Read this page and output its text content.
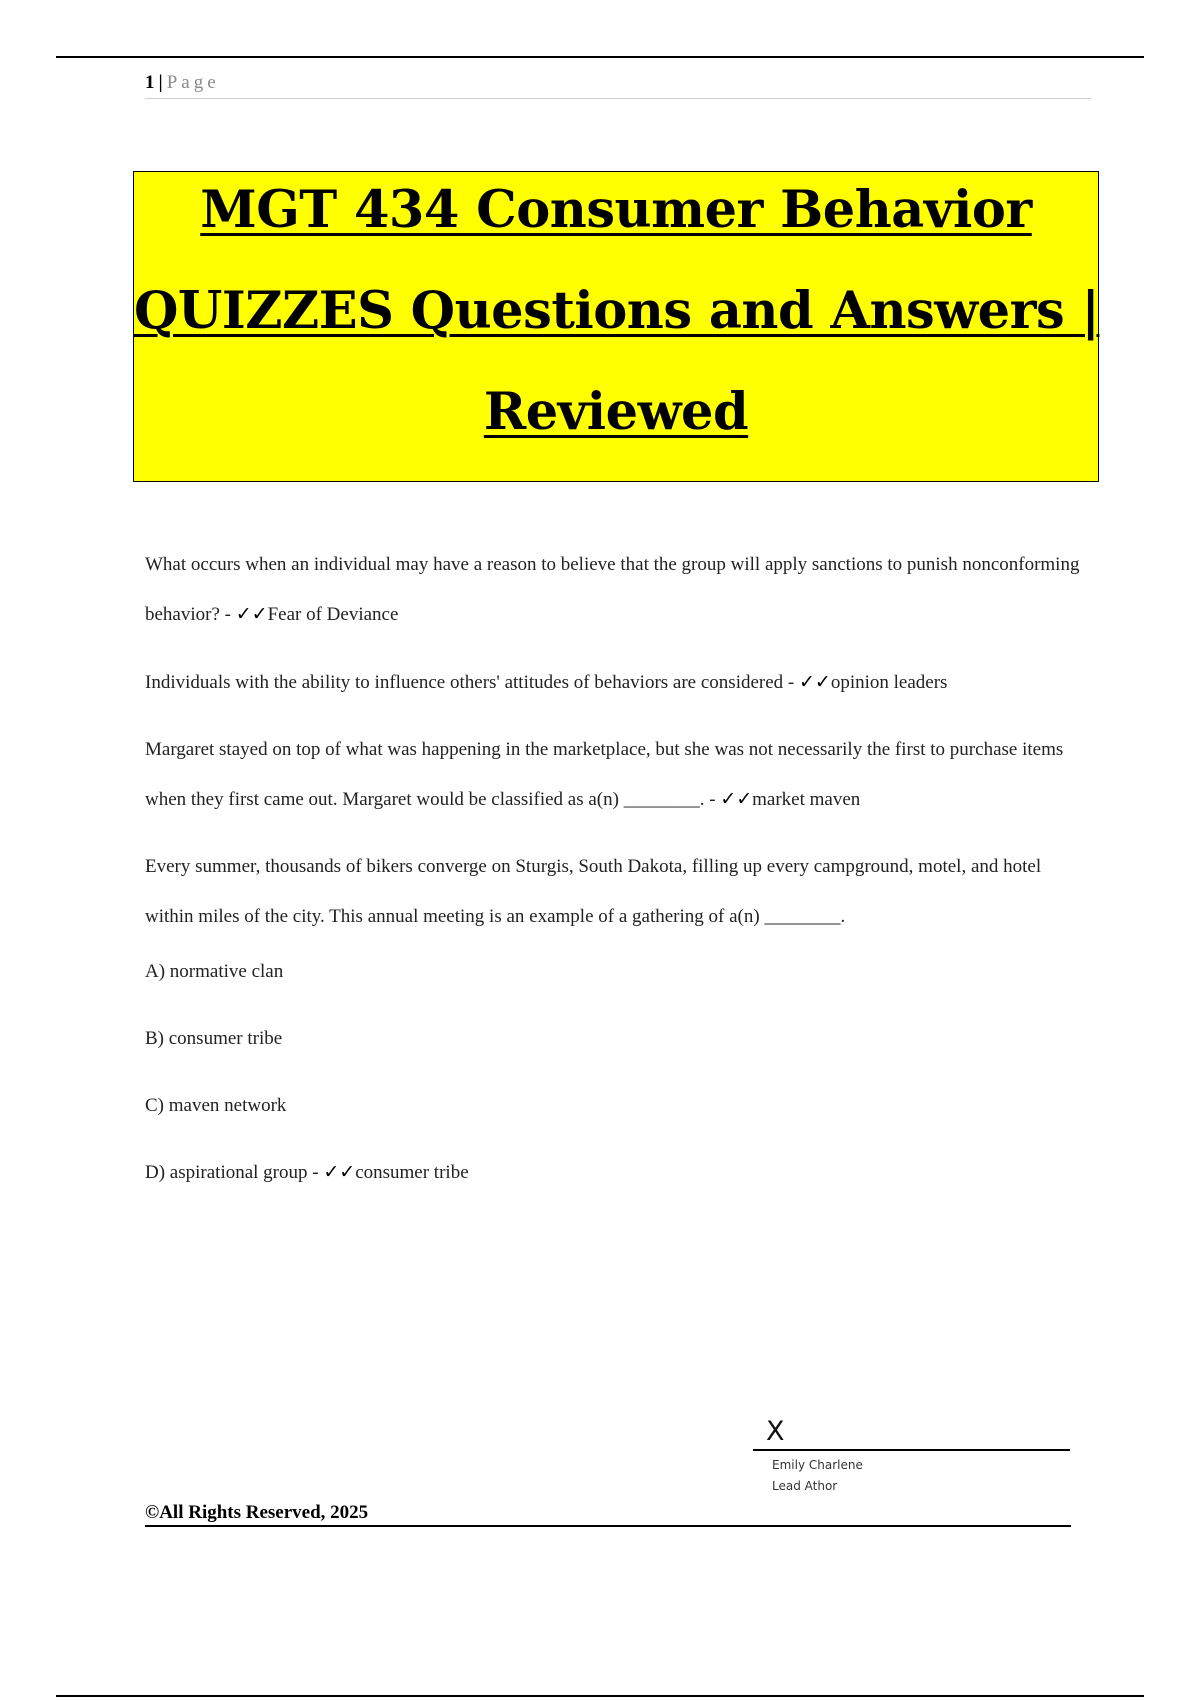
1 | Page
MGT 434 Consumer Behavior
QUIZZES Questions and Answers |
Reviewed

What occurs when an individual may have a reason to believe that the group will apply sanctions to punish nonconforming behavior? - ✓✓Fear of Deviance

Individuals with the ability to influence others' attitudes of behaviors are considered - ✓✓opinion leaders

Margaret stayed on top of what was happening in the marketplace, but she was not necessarily the first to purchase items when they first came out. Margaret would be classified as a(n) ________. - ✓✓market maven

Every summer, thousands of bikers converge on Sturgis, South Dakota, filling up every campground, motel, and hotel within miles of the city. This annual meeting is an example of a gathering of a(n) ________.

A) normative clan
B) consumer tribe
C) maven network
D) aspirational group - ✓✓consumer tribe
X
Emily Charlene
Lead Athor
©All Rights Reserved, 2025
